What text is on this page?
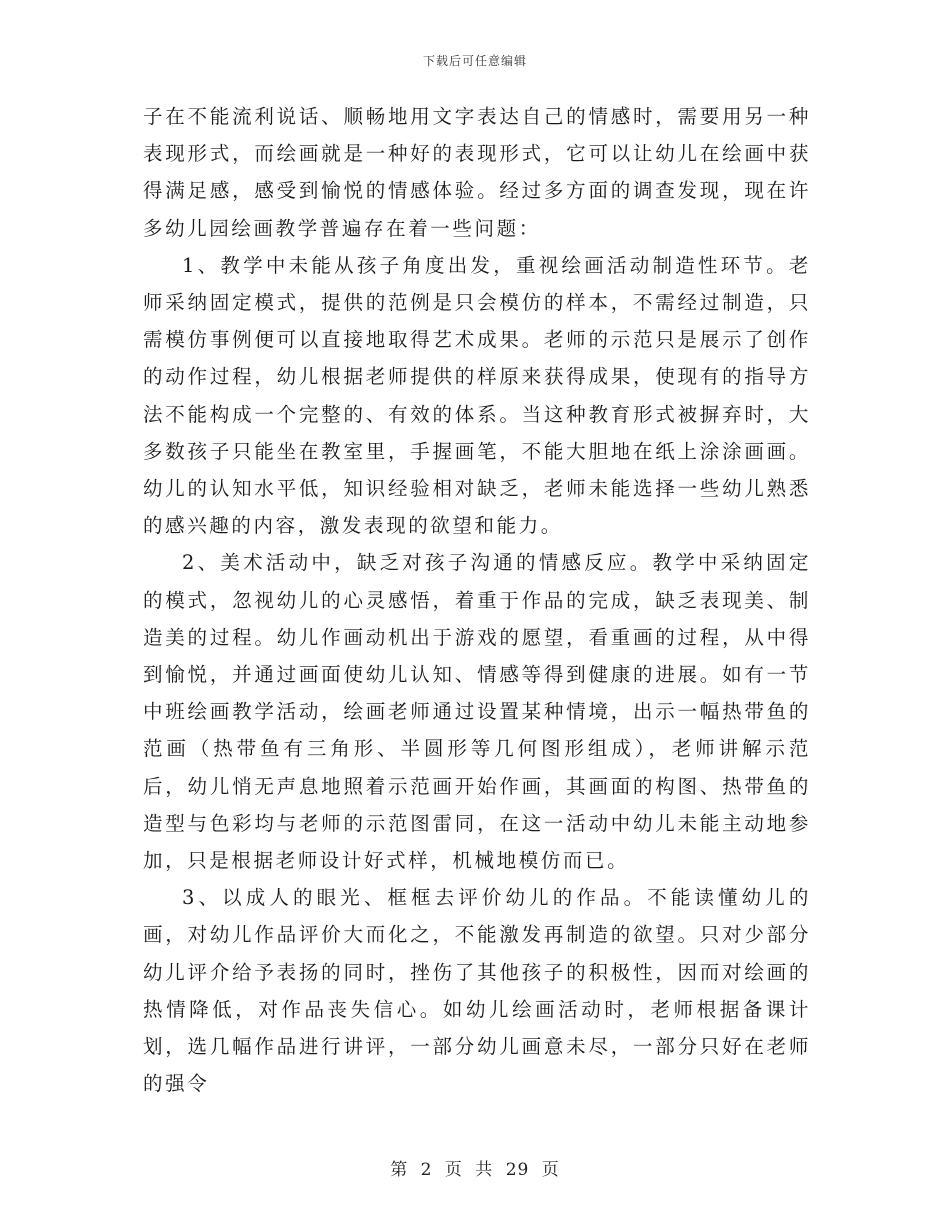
下载后可任意编辑

子在不能流利说话、顺畅地用文字表达自己的情感时，需要用另一种表现形式，而绘画就是一种好的表现形式，它可以让幼儿在绘画中获得满足感，感受到愉悦的情感体验。经过多方面的调查发现，现在许多幼儿园绘画教学普遍存在着一些问题：

1、教学中未能从孩子角度出发，重视绘画活动制造性环节。老师采纳固定模式，提供的范例是只会模仿的样本，不需经过制造，只需模仿事例便可以直接地取得艺术成果。老师的示范只是展示了创作的动作过程，幼儿根据老师提供的样原来获得成果，使现有的指导方法不能构成一个完整的、有效的体系。当这种教育形式被摒弃时，大多数孩子只能坐在教室里，手握画笔，不能大胆地在纸上涂涂画画。幼儿的认知水平低，知识经验相对缺乏，老师未能选择一些幼儿熟悉的感兴趣的内容，激发表现的欲望和能力。

2、美术活动中，缺乏对孩子沟通的情感反应。教学中采纳固定的模式，忽视幼儿的心灵感悟，着重于作品的完成，缺乏表现美、制造美的过程。幼儿作画动机出于游戏的愿望，看重画的过程，从中得到愉悦，并通过画面使幼儿认知、情感等得到健康的进展。如有一节中班绘画教学活动，绘画老师通过设置某种情境，出示一幅热带鱼的范画（热带鱼有三角形、半圆形等几何图形组成），老师讲解示范后，幼儿悄无声息地照着示范画开始作画，其画面的构图、热带鱼的造型与色彩均与老师的示范图雷同，在这一活动中幼儿未能主动地参加，只是根据老师设计好式样，机械地模仿而已。

3、以成人的眼光、框框去评价幼儿的作品。不能读懂幼儿的画，对幼儿作品评价大而化之，不能激发再制造的欲望。只对少部分幼儿评介给予表扬的同时，挫伤了其他孩子的积极性，因而对绘画的热情降低，对作品丧失信心。如幼儿绘画活动时，老师根据备课计划，选几幅作品进行讲评，一部分幼儿画意未尽，一部分只好在老师的强令

第 2 页 共 29 页
